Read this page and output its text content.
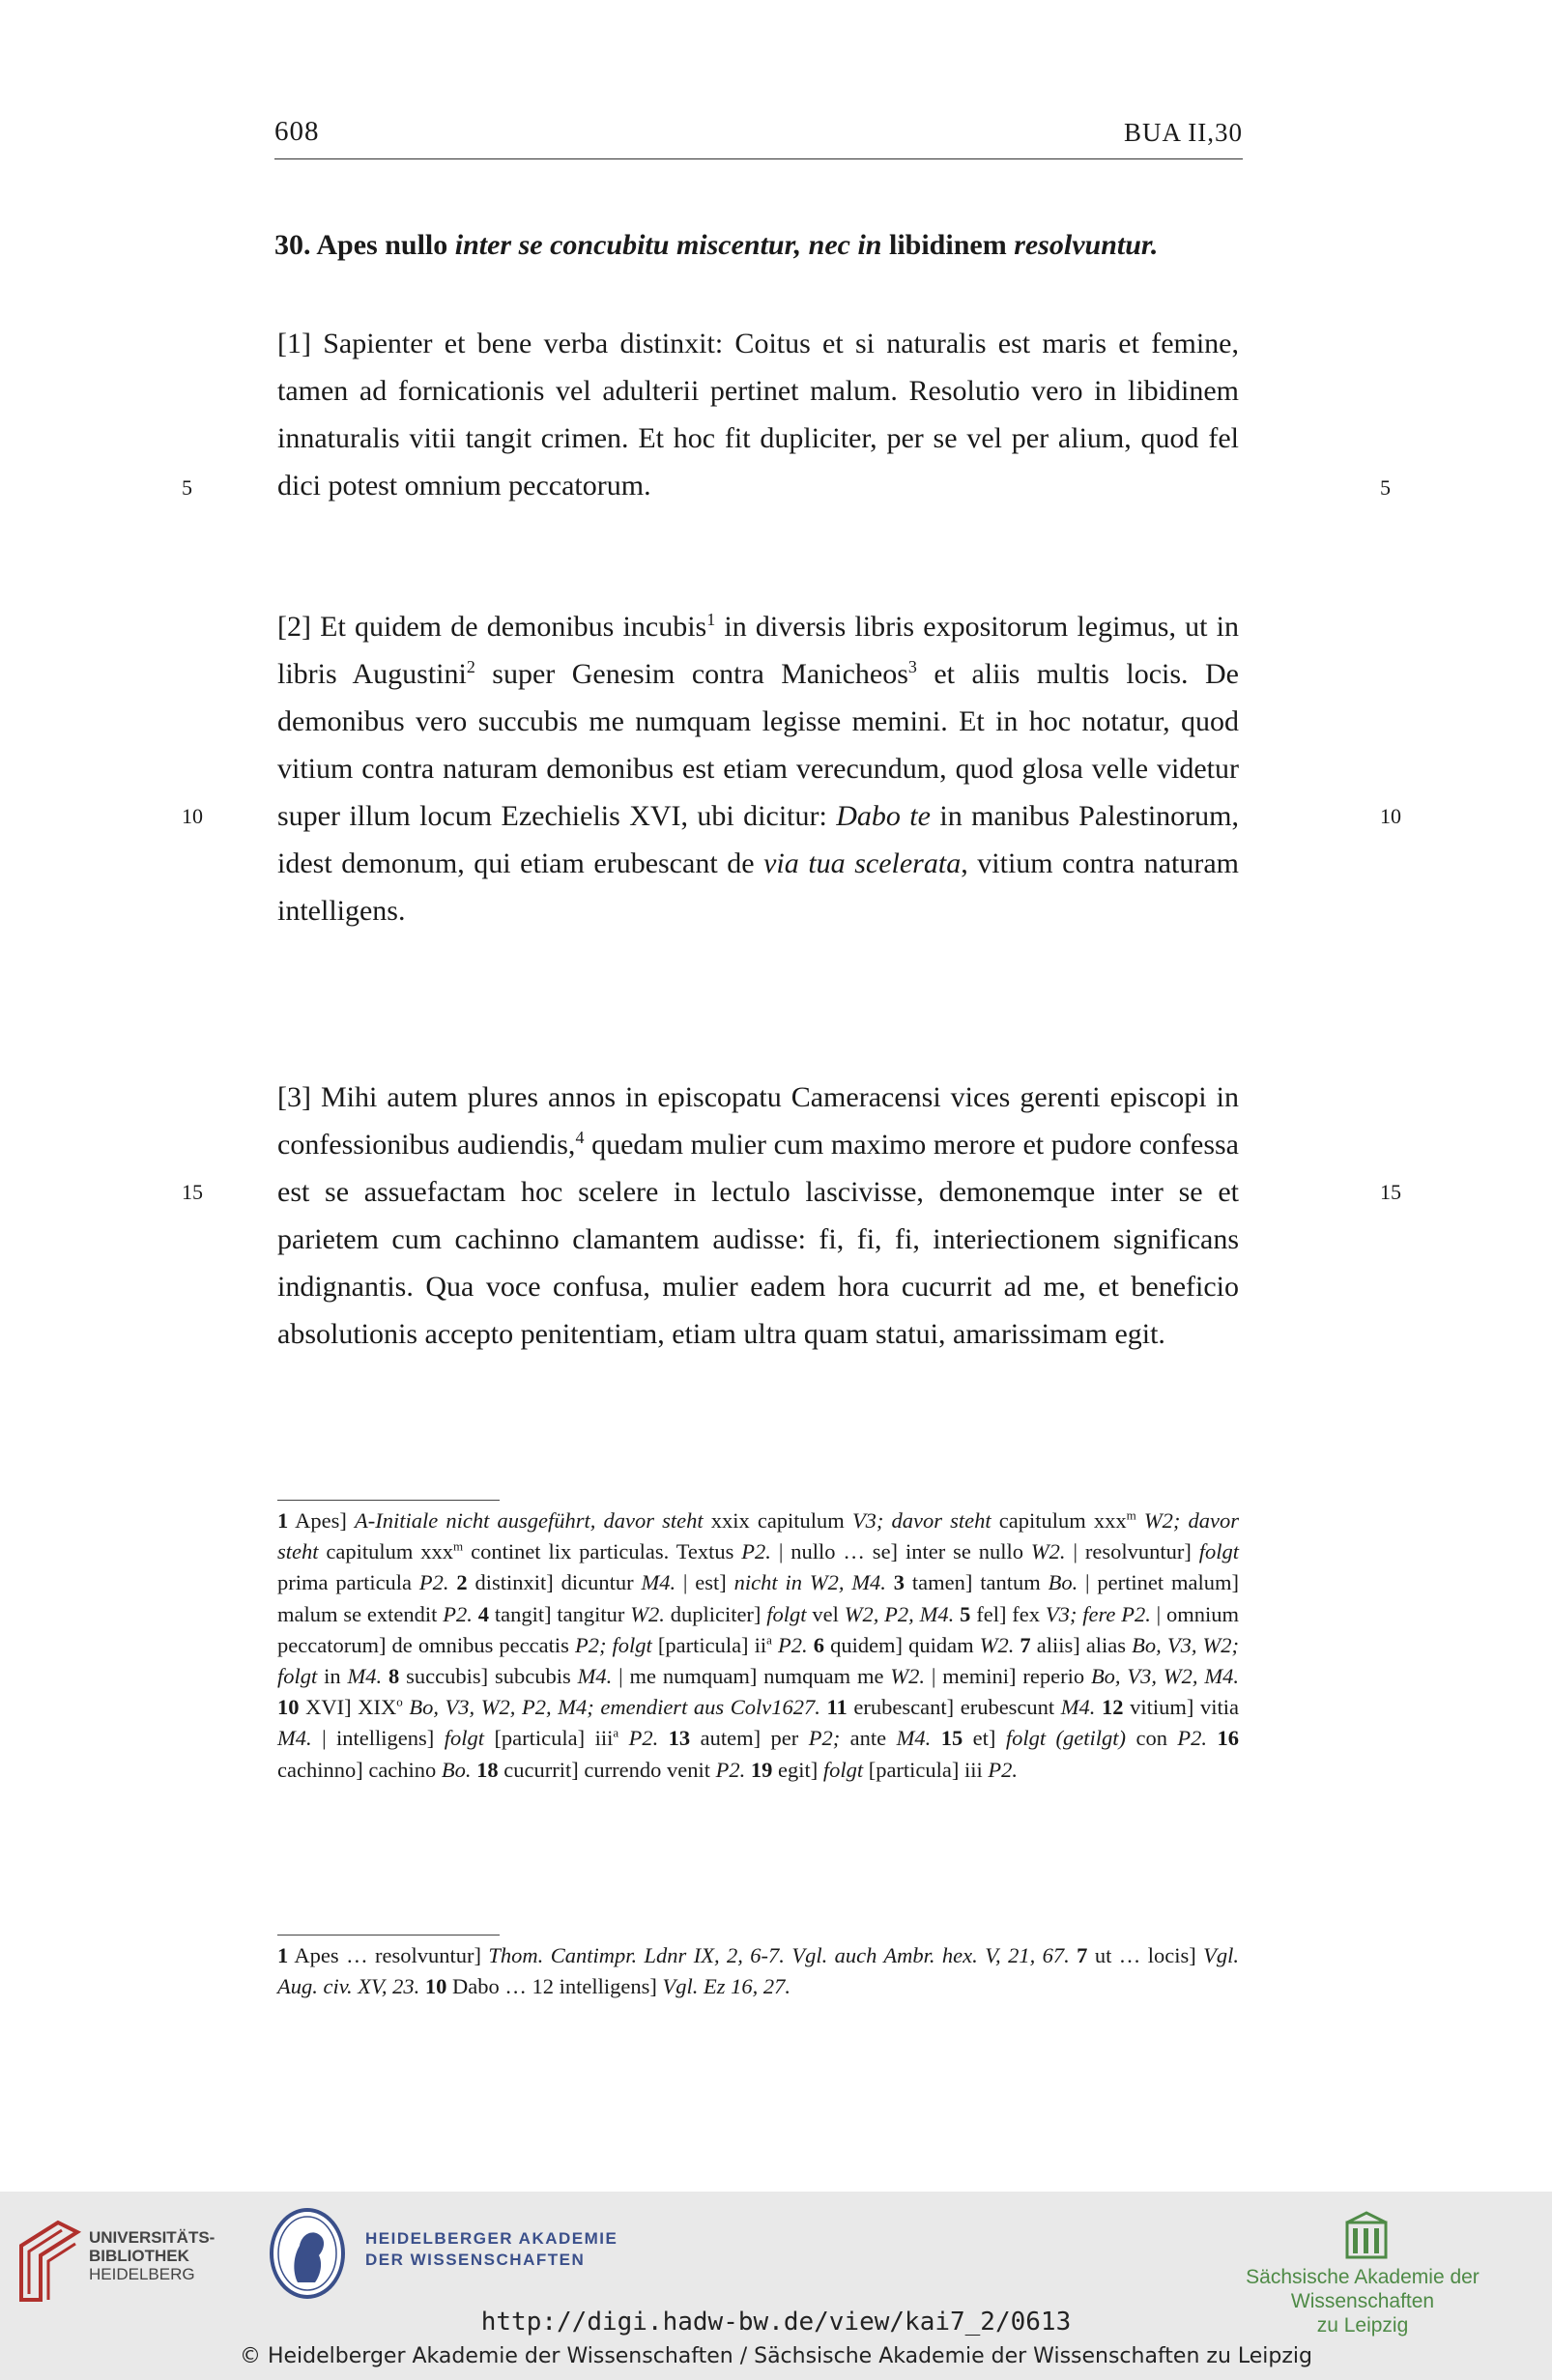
608	BUA II,30
30. Apes nullo inter se concubitu miscentur, nec in libidinem resolvuntur.
[1] Sapienter et bene verba distinxit: Coitus et si naturalis est maris et femine, tamen ad fornicationis vel adulterii pertinet malum. Resolutio vero in libidinem innaturalis vitii tangit crimen. Et hoc fit dupliciter, per se vel per alium, quod fel dici potest omnium peccatorum.
[2] Et quidem de demonibus incubis$^1$ in diversis libris expositorum legimus, ut in libris Augustini$^2$ super Genesim contra Manicheos$^3$ et aliis multis locis. De demonibus vero succubis me numquam legisse memini. Et in hoc notatur, quod vitium contra naturam demonibus est etiam verecundum, quod glosa velle videtur super illum locum Ezechielis XVI, ubi dicitur: Dabo te in manibus Palestinorum, idest demonum, qui etiam erubescant de via tua scelerata, vitium contra naturam intelligens.
[3] Mihi autem plures annos in episcopatu Cameracensi vices gerenti episcopi in confessionibus audiendis,$^4$ quedam mulier cum maximo merore et pudore confessa est se assuefactam hoc scelere in lectulo lascivisse, demonemque inter se et parietem cum cachinno clamantem audisse: fi, fi, fi, interiectionem significans indignantis. Qua voce confusa, mulier eadem hora cucurrit ad me, et beneficio absolutionis accepto penitentiam, etiam ultra quam statui, amarissimam egit.
5	5
10	10
15	15
1 Apes] A-Initiale nicht ausgeführt, davor steht xxix capitulum V3; davor steht capitulum xxx$^m$ W2; davor steht capitulum xxx$^m$ continet lix particulas. Textus P2. | nullo … se] inter se nullo W2. | resolvuntur] folgt prima particula P2. 2 distinxit] dicuntur M4. | est] nicht in W2, M4. 3 tamen] tantum Bo. | pertinet malum] malum se extendit P2. 4 tangit] tangitur W2. dupliciter] folgt vel W2, P2, M4. 5 fel] fex V3; fere P2. | omnium peccatorum] de omnibus peccatis P2; folgt [particula] $ii^a$ P2. 6 quidem] quidam W2. 7 aliis] alias Bo, V3, W2; folgt in M4. 8 succubis] subcubis M4. | me numquam] numquam me W2. | memini] reperio Bo, V3, W2, M4. 10 XVI] XIX$^o$ Bo, V3, W2, P2, M4; emendiert aus Colv1627. 11 erubescant] erubescunt M4. 12 vitium] vitia M4. | intelligens] folgt [particula] iii$^a$ P2. 13 autem] per P2; ante M4. 15 et] folgt (getilgt) con P2. 16 cachinno] cachino Bo. 18 cucurrit] currendo venit P2. 19 egit] folgt [particula] iii P2.
1 Apes … resolvuntur] Thom. Cantimpr. Ldnr IX, 2, 6-7. Vgl. auch Ambr. hex. V, 21, 67. 7 ut … locis] Vgl. Aug. civ. XV, 23. 10 Dabo … 12 intelligens] Vgl. Ez 16, 27.
UNIVERSITÄTS-
BIBLIOTHEK
HEIDELBERG
HEIDELBERGER AKADEMIE
DER WISSENSCHAFTEN
Sächsische Akademie der Wissenschaften
zu Leipzig
http://digi.hadw-bw.de/view/kai7_2/0613
© Heidelberger Akademie der Wissenschaften / Sächsische Akademie der Wissenschaften zu Leipzig
